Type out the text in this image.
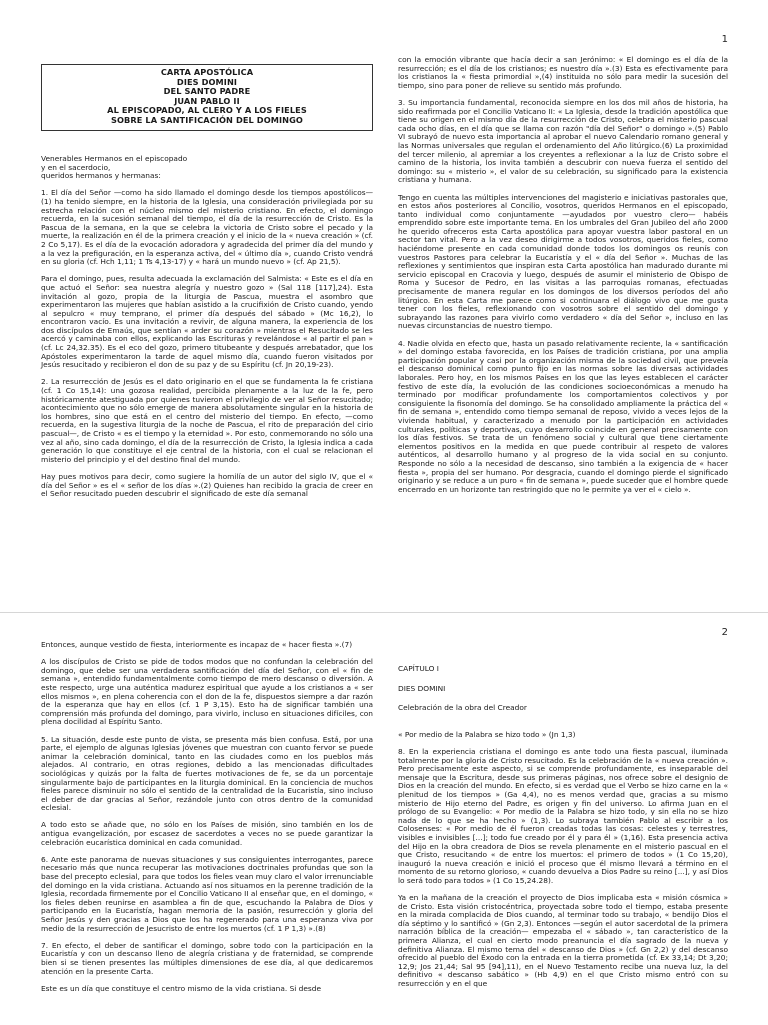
1
CARTA APOSTÓLICA
DIES DOMINI
DEL SANTO PADRE
JUAN PABLO II
AL EPISCOPADO, AL CLERO Y A LOS FIELES
SOBRE LA SANTIFICACIÓN DEL DOMINGO
Venerables Hermanos en el episcopado
y en el sacerdocio,
queridos hermanos y hermanas:

1. El día del Señor —como ha sido llamado el domingo desde los tiempos apostólicos—(1) ha tenido siempre, en la historia de la Iglesia, una consideración privilegiada por su estrecha relación con el núcleo mismo del misterio cristiano. En efecto, el domingo recuerda, en la sucesión semanal del tiempo, el día de la resurrección de Cristo. Es la Pascua de la semana, en la que se celebra la victoria de Cristo sobre el pecado y la muerte, la realización en él de la primera creación y el inicio de la « nueva creación » (cf. 2 Co 5,17). Es el día de la evocación adoradora y agradecida del primer día del mundo y a la vez la prefiguración, en la esperanza activa, del « último día », cuando Cristo vendrá en su gloria (cf. Hch 1,11; 1 Ts 4,13-17) y « hará un mundo nuevo » (cf. Ap 21,5).

Para el domingo, pues, resulta adecuada la exclamación del Salmista: « Este es el día en que actuó el Señor: sea nuestra alegría y nuestro gozo » (Sal 118 [117],24). Esta invitación al gozo, propia de la liturgia de Pascua, muestra el asombro que experimentaron las mujeres que habían asistido a la crucifixión de Cristo cuando, yendo al sepulcro « muy temprano, el primer día después del sábado » (Mc 16,2), lo encontraron vacío. Es una invitación a revivir, de alguna manera, la experiencia de los dos discípulos de Emaús, que sentían « arder su corazón » mientras el Resucitado se les acercó y caminaba con ellos, explicando las Escrituras y revelándose « al partir el pan » (cf. Lc 24,32.35). Es el eco del gozo, primero titubeante y después arrebatador, que los Apóstoles experimentaron la tarde de aquel mismo día, cuando fueron visitados por Jesús resucitado y recibieron el don de su paz y de su Espíritu (cf. Jn 20,19-23).

2. La resurrección de Jesús es el dato originario en el que se fundamenta la fe cristiana (cf. 1 Co 15,14): una gozosa realidad, percibida plenamente a la luz de la fe, pero históricamente atestiguada por quienes tuvieron el privilegio de ver al Señor resucitado; acontecimiento que no sólo emerge de manera absolutamente singular en la historia de los hombres, sino que está en el centro del misterio del tiempo. En efecto, —como recuerda, en la sugestiva liturgia de la noche de Pascua, el rito de preparación del cirio pascual—, de Cristo « es el tiempo y la eternidad ». Por esto, conmemorando no sólo una vez al año, sino cada domingo, el día de la resurrección de Cristo, la Iglesia indica a cada generación lo que constituye el eje central de la historia, con el cual se relacionan el misterio del principio y el del destino final del mundo.

Hay pues motivos para decir, como sugiere la homilía de un autor del siglo IV, que el « día del Señor » es el « señor de los días ».(2) Quienes han recibido la gracia de creer en el Señor resucitado pueden descubrir el significado de este día semanal

con la emoción vibrante que hacía decir a san Jerónimo: « El domingo es el día de la resurrección; es el día de los cristianos; es nuestro día ».(3) Esta es efectivamente para los cristianos la « fiesta primordial »,(4) instituida no sólo para medir la sucesión del tiempo, sino para poner de relieve su sentido más profundo.

3. Su importancia fundamental, reconocida siempre en los dos mil años de historia, ha sido reafirmada por el Concilio Vaticano II: « La Iglesia, desde la tradición apostólica que tiene su origen en el mismo día de la resurrección de Cristo, celebra el misterio pascual cada ocho días, en el día que se llama con razón "día del Señor" o domingo ».(5) Pablo VI subrayó de nuevo esta importancia al aprobar el nuevo Calendario romano general y las Normas universales que regulan el ordenamiento del Año litúrgico.(6) La proximidad del tercer milenio, al apremiar a los creyentes a reflexionar a la luz de Cristo sobre el camino de la historia, los invita también a descubrir con nueva fuerza el sentido del domingo: su « misterio », el valor de su celebración, su significado para la existencia cristiana y humana.

Tengo en cuenta las múltiples intervenciones del magisterio e iniciativas pastorales que, en estos años posteriores al Concilio, vosotros, queridos Hermanos en el episcopado, tanto individual como conjuntamente —ayudados por vuestro clero— habéis emprendido sobre este importante tema. En los umbrales del Gran Jubileo del año 2000 he querido ofreceros esta Carta apostólica para apoyar vuestra labor pastoral en un sector tan vital. Pero a la vez deseo dirigirme a todos vosotros, queridos fieles, como haciéndome presente en cada comunidad donde todos los domingos os reunís con vuestros Pastores para celebrar la Eucaristía y el « día del Señor ». Muchas de las reflexiones y sentimientos que inspiran esta Carta apostólica han madurado durante mi servicio episcopal en Cracovia y luego, después de asumir el ministerio de Obispo de Roma y Sucesor de Pedro, en las visitas a las parroquias romanas, efectuadas precisamente de manera regular en los domingos de los diversos períodos del año litúrgico. En esta Carta me parece como si continuara el diálogo vivo que me gusta tener con los fieles, reflexionando con vosotros sobre el sentido del domingo y subrayando las razones para vivirlo como verdadero « día del Señor », incluso en las nuevas circunstancias de nuestro tiempo.

4. Nadie olvida en efecto que, hasta un pasado relativamente reciente, la « santificación » del domingo estaba favorecida, en los Países de tradición cristiana, por una amplia participación popular y casi por la organización misma de la sociedad civil, que preveía el descanso dominical como punto fijo en las normas sobre las diversas actividades laborales. Pero hoy, en los mismos Países en los que las leyes establecen el carácter festivo de este día, la evolución de las condiciones socioeconómicas a menudo ha terminado por modificar profundamente los comportamientos colectivos y por consiguiente la fisonomía del domingo. Se ha consolidado ampliamente la práctica del « fin de semana », entendido como tiempo semanal de reposo, vivido a veces lejos de la vivienda habitual, y caracterizado a menudo por la participación en actividades culturales, políticas y deportivas, cuyo desarrollo coincide en general precisamente con los días festivos. Se trata de un fenómeno social y cultural que tiene ciertamente elementos positivos en la medida en que puede contribuir al respeto de valores auténticos, al desarrollo humano y al progreso de la vida social en su conjunto. Responde no sólo a la necesidad de descanso, sino también a la exigencia de « hacer fiesta », propia del ser humano. Por desgracia, cuando el domingo pierde el significado originario y se reduce a un puro « fin de semana », puede suceder que el hombre quede encerrado en un horizonte tan restringido que no le permite ya ver el « cielo ».

2

Entonces, aunque vestido de fiesta, interiormente es incapaz de « hacer fiesta ».(7)

A los discípulos de Cristo se pide de todos modos que no confundan la celebración del domingo, que debe ser una verdadera santificación del día del Señor, con el « fin de semana », entendido fundamentalmente como tiempo de mero descanso o diversión. A este respecto, urge una auténtica madurez espiritual que ayude a los cristianos a « ser ellos mismos », en plena coherencia con el don de la fe, dispuestos siempre a dar razón de la esperanza que hay en ellos (cf. 1 P 3,15). Esto ha de significar también una comprensión más profunda del domingo, para vivirlo, incluso en situaciones difíciles, con plena docilidad al Espíritu Santo.

5. La situación, desde este punto de vista, se presenta más bien confusa. Está, por una parte, el ejemplo de algunas Iglesias jóvenes que muestran con cuanto fervor se puede animar la celebración dominical, tanto en las ciudades como en los pueblos más alejados. Al contrario, en otras regiones, debido a las mencionadas dificultades sociológicas y quizás por la falta de fuertes motivaciones de fe, se da un porcentaje singularmente bajo de participantes en la liturgia dominical. En la conciencia de muchos fieles parece disminuir no sólo el sentido de la centralidad de la Eucaristía, sino incluso el deber de dar gracias al Señor, rezándole junto con otros dentro de la comunidad eclesial.

A todo esto se añade que, no sólo en los Países de misión, sino también en los de antigua evangelización, por escasez de sacerdotes a veces no se puede garantizar la celebración eucarística dominical en cada comunidad.

6. Ante este panorama de nuevas situaciones y sus consiguientes interrogantes, parece necesario más que nunca recuperar las motivaciones doctrinales profundas que son la base del precepto eclesial, para que todos los fieles vean muy claro el valor irrenunciable del domingo en la vida cristiana. Actuando así nos situamos en la perenne tradición de la Iglesia, recordada firmemente por el Concilio Vaticano II al enseñar que, en el domingo, « los fieles deben reunirse en asamblea a fin de que, escuchando la Palabra de Dios y participando en la Eucaristía, hagan memoria de la pasión, resurrección y gloria del Señor Jesús y den gracias a Dios que los ha regenerado para una esperanza viva por medio de la resurrección de Jesucristo de entre los muertos (cf. 1 P 1,3) ».(8)

7. En efecto, el deber de santificar el domingo, sobre todo con la participación en la Eucaristía y con un descanso lleno de alegría cristiana y de fraternidad, se comprende bien si se tienen presentes las múltiples dimensiones de ese día, al que dedicaremos atención en la presente Carta.

Este es un día que constituye el centro mismo de la vida cristiana. Si desde
CAPÍTULO I
DIES DOMINI
Celebración de la obra del Creador

« Por medio de la Palabra se hizo todo » (Jn 1,3)

8. En la experiencia cristiana el domingo es ante todo una fiesta pascual, iluminada totalmente por la gloria de Cristo resucitado. Es la celebración de la « nueva creación ». Pero precisamente este aspecto, si se comprende profundamente, es inseparable del mensaje que la Escritura, desde sus primeras páginas, nos ofrece sobre el designio de Dios en la creación del mundo. En efecto, si es verdad que el Verbo se hizo carne en la « plenitud de los tiempos » (Ga 4,4), no es menos verdad que, gracias a su mismo misterio de Hijo eterno del Padre, es origen y fin del universo. Lo afirma Juan en el prólogo de su Evangelio: « Por medio de la Palabra se hizo todo, y sin ella no se hizo nada de lo que se ha hecho » (1,3). Lo subraya también Pablo al escribir a los Colosenses: « Por medio de él fueron creadas todas las cosas: celestes y terrestres, visibles e invisibles [...]; todo fue creado por él y para él » (1,16). Esta presencia activa del Hijo en la obra creadora de Dios se revela plenamente en el misterio pascual en el que Cristo, resucitando « de entre los muertos: el primero de todos » (1 Co 15,20), inauguró la nueva creación e inició el proceso que él mismo llevará a término en el momento de su retorno glorioso, « cuando devuelva a Dios Padre su reino [...], y así Dios lo será todo para todos » (1 Co 15,24.28).

Ya en la mañana de la creación el proyecto de Dios implicaba esta « misión cósmica » de Cristo. Esta visión cristocéntrica, proyectada sobre todo el tiempo, estaba presente en la mirada complacida de Dios cuando, al terminar todo su trabajo, « bendijo Dios el día séptimo y lo santificó » (Gn 2,3). Entonces —según el autor sacerdotal de la primera narración bíblica de la creación— empezaba el « sábado », tan característico de la primera Alianza, el cual en cierto modo preanuncia el día sagrado de la nueva y definitiva Alianza. El mismo tema del « descanso de Dios » (cf. Gn 2,2) y del descanso ofrecido al pueblo del Éxodo con la entrada en la tierra prometida (cf. Ex 33,14; Dt 3,20; 12,9; Jos 21,44; Sal 95 [94],11), en el Nuevo Testamento recibe una nueva luz, la del definitivo « descanso sabático » (Hb 4,9) en el que Cristo mismo entró con su resurrección y en el que
